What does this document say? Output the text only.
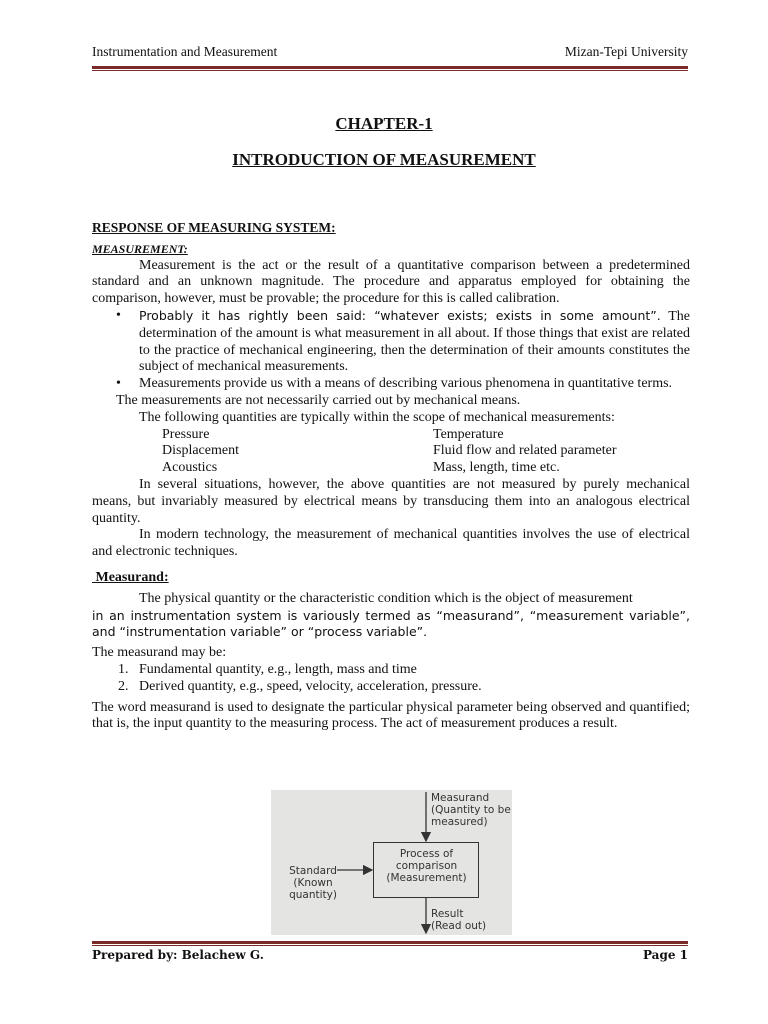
Instrumentation and Measurement	Mizan-Tepi University
CHAPTER-1
INTRODUCTION OF MEASUREMENT
RESPONSE OF MEASURING SYSTEM:
MEASUREMENT:

Measurement is the act or the result of a quantitative comparison between a predetermined standard and an unknown magnitude. The procedure and apparatus employed for obtaining the comparison, however, must be provable; the procedure for this is called calibration.

• Probably it has rightly been said: “whatever exists; exists in some amount”. The determination of the amount is what measurement in all about. If those things that exist are related to the practice of mechanical engineering, then the determination of their amounts constitutes the subject of mechanical measurements.
• Measurements provide us with a means of describing various phenomena in quantitative terms.
The measurements are not necessarily carried out by mechanical means.
The following quantities are typically within the scope of mechanical measurements:
Pressure	Temperature
Displacement	Fluid flow and related parameter
Acoustics	Mass, length, time etc.

In several situations, however, the above quantities are not measured by purely mechanical means, but invariably measured by electrical means by transducing them into an analogous electrical quantity.

In modern technology, the measurement of mechanical quantities involves the use of electrical and electronic techniques.

Measurand:

The physical quantity or the characteristic condition which is the object of measurement

in an instrumentation system is variously termed as “measurand”, “measurement variable”, and “instrumentation variable” or “process variable”.

The measurand may be:
1. Fundamental quantity, e.g., length, mass and time
2. Derived quantity, e.g., speed, velocity, acceleration, pressure.

The word measurand is used to designate the particular physical parameter being observed and quantified; that is, the input quantity to the measuring process. The act of measurement produces a result.

Measurand
(Quantity to be
measured)
Standard
(Known quantity)
Process of
comparison
(Measurement)
Result
(Read out)
Prepared by: Belachew G.	Page 1
